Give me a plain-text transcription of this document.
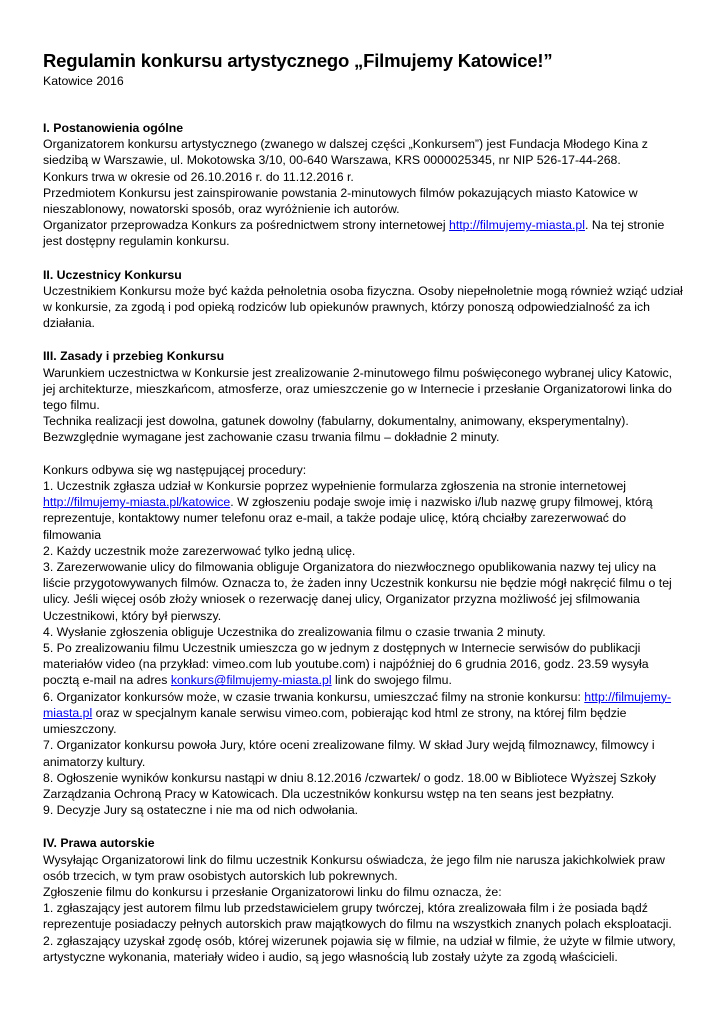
Regulamin konkursu artystycznego „Filmujemy Katowice!”

Katowice 2016

I. Postanowienia ogólne

Organizatorem konkursu artystycznego (zwanego w dalszej części „Konkursem”) jest Fundacja Młodego Kina z siedzibą w Warszawie, ul. Mokotowska 3/10, 00-640 Warszawa, KRS 0000025345, nr NIP 526-17-44-268.

Konkurs trwa w okresie od 26.10.2016 r. do 11.12.2016 r.

Przedmiotem Konkursu jest zainspirowanie powstania 2-minutowych filmów pokazujących miasto Katowice w nieszablonowy, nowatorski sposób, oraz wyróżnienie ich autorów.

Organizator przeprowadza Konkurs za pośrednictwem strony internetowej http://filmujemy-miasta.pl. Na tej stronie jest dostępny regulamin konkursu.

II. Uczestnicy Konkursu

Uczestnikiem Konkursu może być każda pełnoletnia osoba fizyczna. Osoby niepełnoletnie mogą również wziąć udział w konkursie, za zgodą i pod opieką rodziców lub opiekunów prawnych, którzy ponoszą odpowiedzialność za ich działania.

III. Zasady i przebieg Konkursu

Warunkiem uczestnictwa w Konkursie jest zrealizowanie 2-minutowego filmu poświęconego wybranej ulicy Katowic, jej architekturze, mieszkańcom, atmosferze, oraz umieszczenie go w Internecie i przesłanie Organizatorowi linka do tego filmu.

Technika realizacji jest dowolna, gatunek dowolny (fabularny, dokumentalny, animowany, eksperymentalny).

Bezwzględnie wymagane jest zachowanie czasu trwania filmu – dokładnie 2 minuty.

Konkurs odbywa się wg następującej procedury:

1. Uczestnik zgłasza udział w Konkursie poprzez wypełnienie formularza zgłoszenia na stronie internetowej http://filmujemy-miasta.pl/katowice. W zgłoszeniu podaje swoje imię i nazwisko i/lub nazwę grupy filmowej, którą reprezentuje, kontaktowy numer telefonu oraz e-mail, a także podaje ulicę, którą chciałby zarezerwować do filmowania

2. Każdy uczestnik może zarezerwować tylko jedną ulicę.

3. Zarezerwowanie ulicy do filmowania obliguje Organizatora do niezwłocznego opublikowania nazwy tej ulicy na liście przygotowywanych filmów. Oznacza to, że żaden inny Uczestnik konkursu nie będzie mógł nakręcić filmu o tej ulicy. Jeśli więcej osób złoży wniosek o rezerwację danej ulicy, Organizator przyzna możliwość jej sfilmowania Uczestnikowi, który był pierwszy.

4. Wysłanie zgłoszenia obliguje Uczestnika do zrealizowania filmu o czasie trwania 2 minuty.

5. Po zrealizowaniu filmu Uczestnik umieszcza go w jednym z dostępnych w Internecie serwisów do publikacji materiałów video (na przykład: vimeo.com lub youtube.com) i najpóźniej do 6 grudnia 2016, godz. 23.59 wysyła pocztą e-mail na adres konkurs@filmujemy-miasta.pl link do swojego filmu.

6. Organizator konkursów może, w czasie trwania konkursu, umieszczać filmy na stronie konkursu: http://filmujemy-miasta.pl oraz w specjalnym kanale serwisu vimeo.com, pobierając kod html ze strony, na której film będzie umieszczony.

7. Organizator konkursu powoła Jury, które oceni zrealizowane filmy. W skład Jury wejdą filmoznawcy, filmowcy i animatorzy kultury.

8. Ogłoszenie wyników konkursu nastąpi w dniu 8.12.2016 /czwartek/ o godz. 18.00 w Bibliotece Wyższej Szkoły Zarządzania Ochroną Pracy w Katowicach. Dla uczestników konkursu wstęp na ten seans jest bezpłatny.

9. Decyzje Jury są ostateczne i nie ma od nich odwołania.

IV. Prawa autorskie

Wysyłając Organizatorowi link do filmu uczestnik Konkursu oświadcza, że jego film nie narusza jakichkolwiek praw osób trzecich, w tym praw osobistych autorskich lub pokrewnych.

Zgłoszenie filmu do konkursu i przesłanie Organizatorowi linku do filmu oznacza, że:

1. zgłaszający jest autorem filmu lub przedstawicielem grupy twórczej, która zrealizowała film i że posiada bądź reprezentuje posiadaczy pełnych autorskich praw majątkowych do filmu na wszystkich znanych polach eksploatacji.

2. zgłaszający uzyskał zgodę osób, której wizerunek pojawia się w filmie, na udział w filmie, że użyte w filmie utwory, artystyczne wykonania, materiały wideo i audio, są jego własnością lub zostały użyte za zgodą właścicieli.
